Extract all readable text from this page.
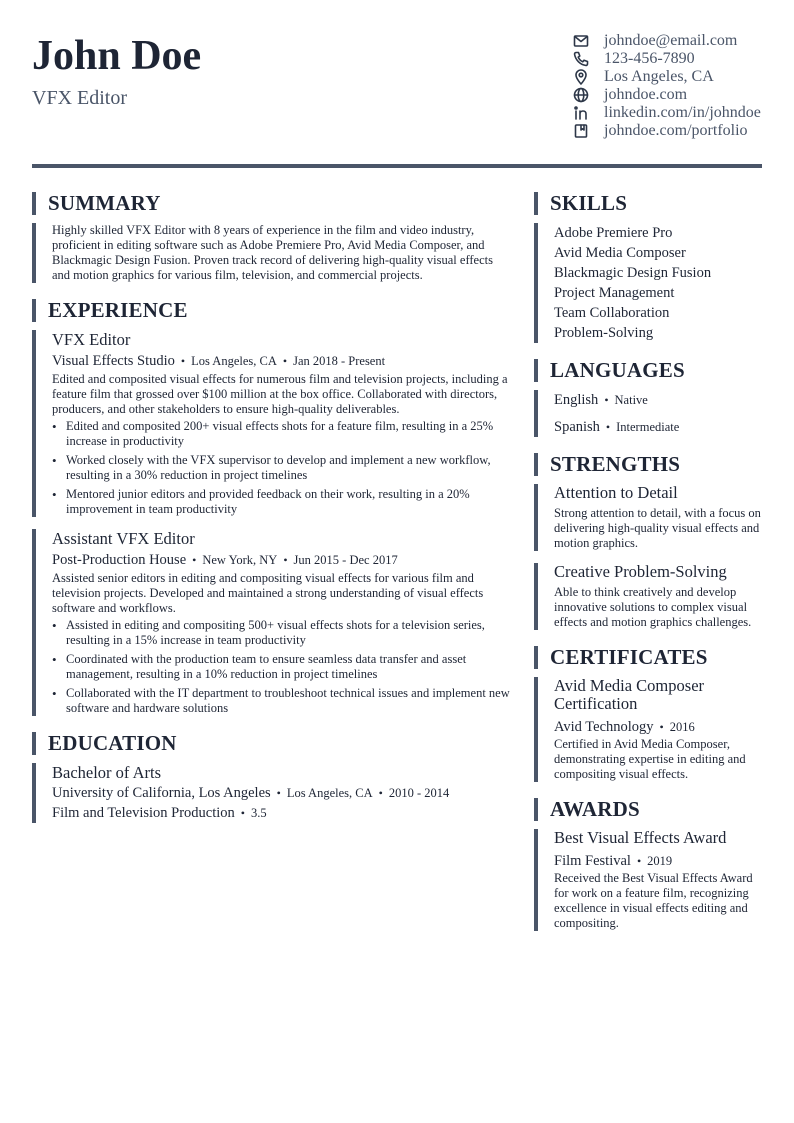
John Doe
VFX Editor
johndoe@email.com
123-456-7890
Los Angeles, CA
johndoe.com
linkedin.com/in/johndoe
johndoe.com/portfolio
SUMMARY
Highly skilled VFX Editor with 8 years of experience in the film and video industry, proficient in editing software such as Adobe Premiere Pro, Avid Media Composer, and Blackmagic Design Fusion. Proven track record of delivering high-quality visual effects and motion graphics for various film, television, and commercial projects.
EXPERIENCE
VFX Editor
Visual Effects Studio • Los Angeles, CA • Jan 2018 - Present
Edited and composited visual effects for numerous film and television projects, including a feature film that grossed over $100 million at the box office. Collaborated with directors, producers, and other stakeholders to ensure high-quality deliverables.
• Edited and composited 200+ visual effects shots for a feature film, resulting in a 25% increase in productivity
• Worked closely with the VFX supervisor to develop and implement a new workflow, resulting in a 30% reduction in project timelines
• Mentored junior editors and provided feedback on their work, resulting in a 20% improvement in team productivity
Assistant VFX Editor
Post-Production House • New York, NY • Jun 2015 - Dec 2017
Assisted senior editors in editing and compositing visual effects for various film and television projects. Developed and maintained a strong understanding of visual effects software and workflows.
• Assisted in editing and compositing 500+ visual effects shots for a television series, resulting in a 15% increase in team productivity
• Coordinated with the production team to ensure seamless data transfer and asset management, resulting in a 10% reduction in project timelines
• Collaborated with the IT department to troubleshoot technical issues and implement new software and hardware solutions
EDUCATION
Bachelor of Arts
University of California, Los Angeles • Los Angeles, CA • 2010 - 2014
Film and Television Production • 3.5
SKILLS
Adobe Premiere Pro
Avid Media Composer
Blackmagic Design Fusion
Project Management
Team Collaboration
Problem-Solving
LANGUAGES
English • Native
Spanish • Intermediate
STRENGTHS
Attention to Detail
Strong attention to detail, with a focus on delivering high-quality visual effects and motion graphics.
Creative Problem-Solving
Able to think creatively and develop innovative solutions to complex visual effects and motion graphics challenges.
CERTIFICATES
Avid Media Composer Certification
Avid Technology • 2016
Certified in Avid Media Composer, demonstrating expertise in editing and compositing visual effects.
AWARDS
Best Visual Effects Award
Film Festival • 2019
Received the Best Visual Effects Award for work on a feature film, recognizing excellence in visual effects editing and compositing.
